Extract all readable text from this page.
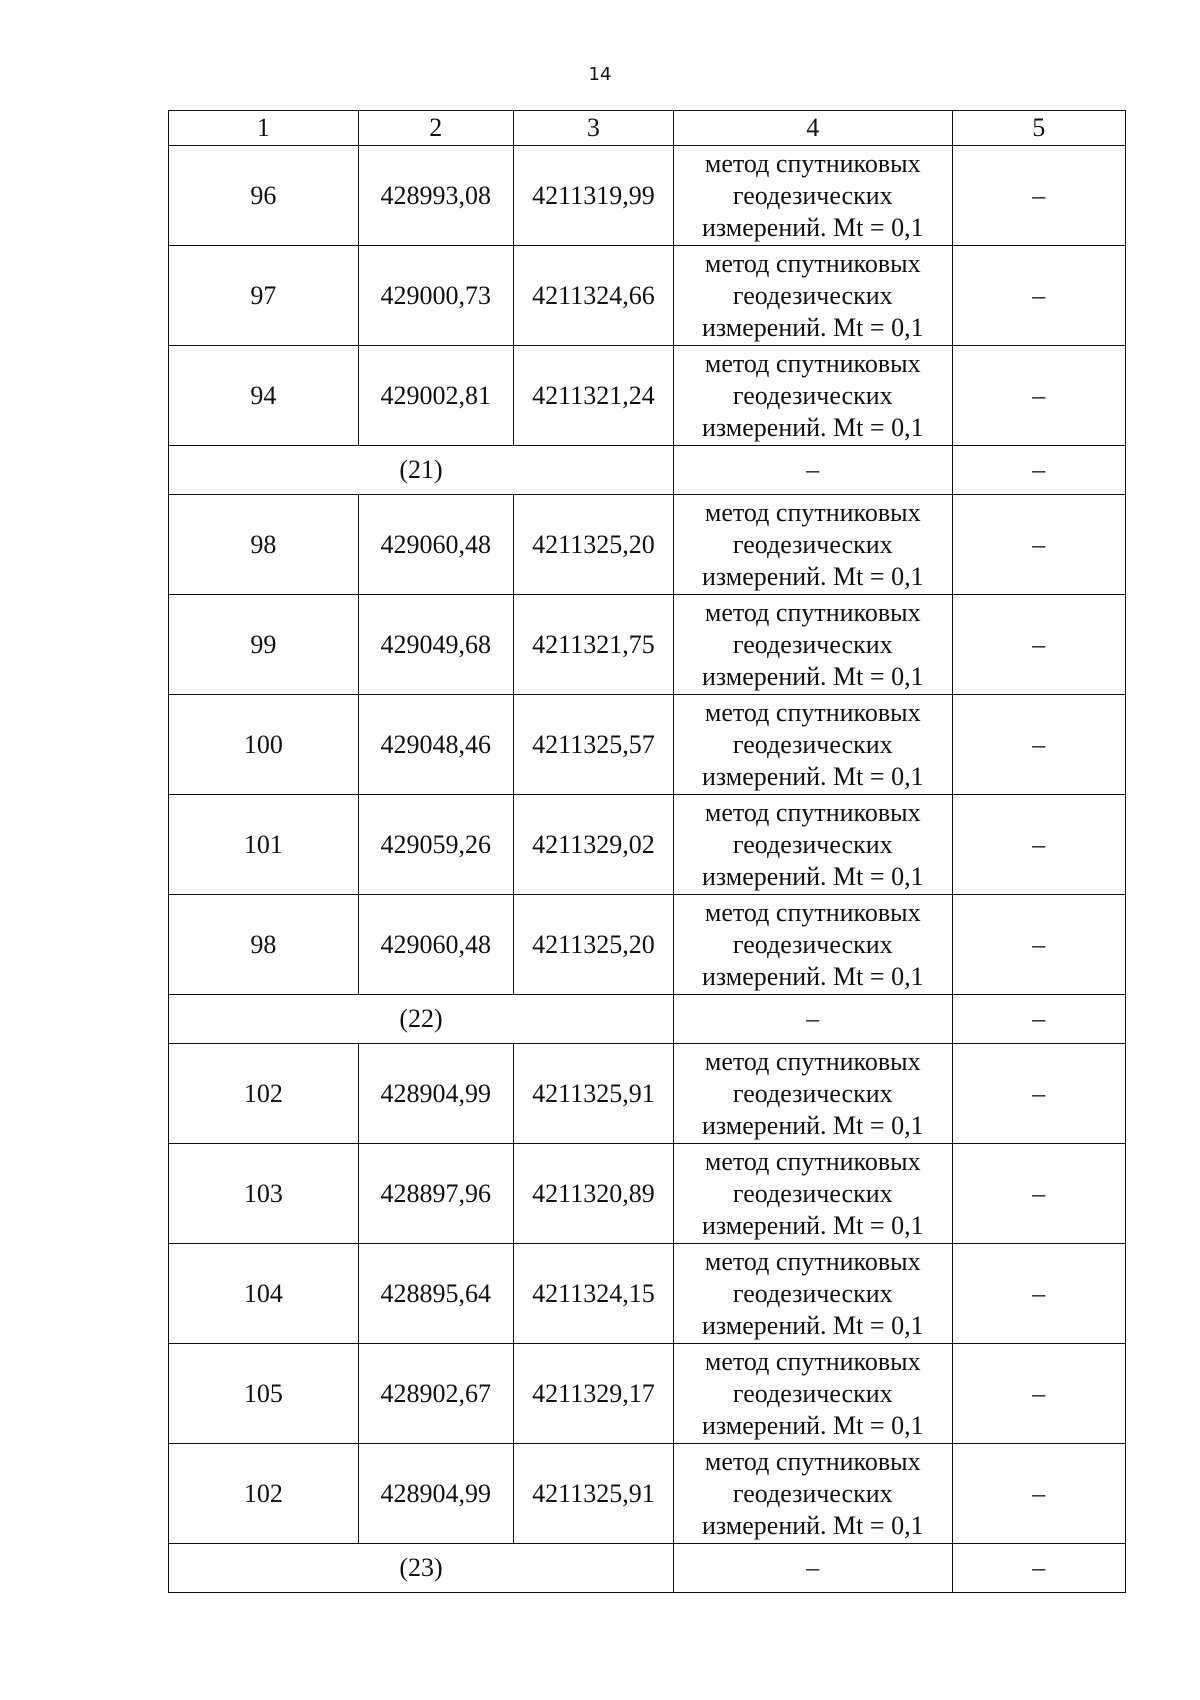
14
1	2	3	4	5
96	428993,08	4211319,99	метод спутниковых
геодезических
измерений. Mt = 0,1	–
97	429000,73	4211324,66	метод спутниковых
геодезических
измерений. Mt = 0,1	–
94	429002,81	4211321,24	метод спутниковых
геодезических
измерений. Mt = 0,1	–
(21)			–	–
98	429060,48	4211325,20	метод спутниковых
геодезических
измерений. Mt = 0,1	–
99	429049,68	4211321,75	метод спутниковых
геодезических
измерений. Mt = 0,1	–
100	429048,46	4211325,57	метод спутниковых
геодезических
измерений. Mt = 0,1	–
101	429059,26	4211329,02	метод спутниковых
геодезических
измерений. Mt = 0,1	–
98	429060,48	4211325,20	метод спутниковых
геодезических
измерений. Mt = 0,1	–
(22)			–	–
102	428904,99	4211325,91	метод спутниковых
геодезических
измерений. Mt = 0,1	–
103	428897,96	4211320,89	метод спутниковых
геодезических
измерений. Mt = 0,1	–
104	428895,64	4211324,15	метод спутниковых
геодезических
измерений. Mt = 0,1	–
105	428902,67	4211329,17	метод спутниковых
геодезических
измерений. Mt = 0,1	–
102	428904,99	4211325,91	метод спутниковых
геодезических
измерений. Mt = 0,1	–
(23)			–	–
